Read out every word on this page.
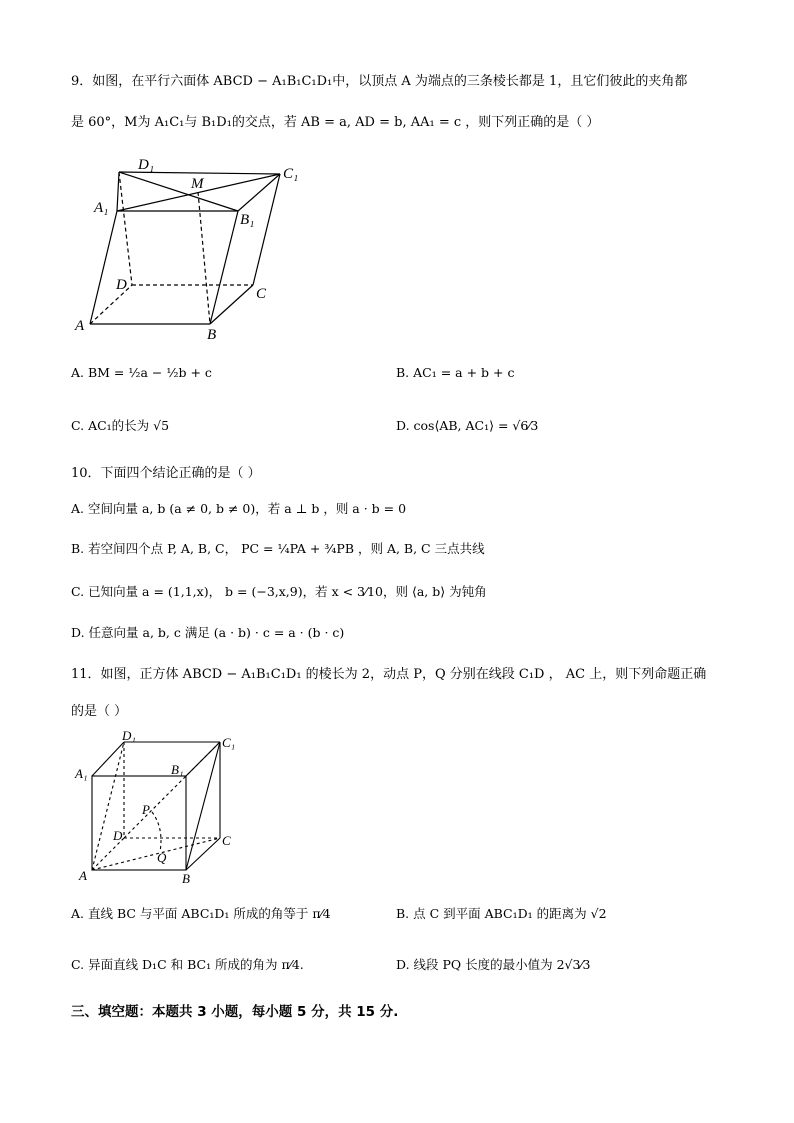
9．如图，在平行六面体 ABCD − A₁B₁C₁D₁中，以顶点 A 为端点的三条棱长都是 1，且它们彼此的夹角都
是 60°，M为 A₁C₁与 B₁D₁的交点，若 AB = a, AD = b, AA₁ = c ，则下列正确的是（ ）
D₁
M
C₁
A₁
B₁
D
C
A
B
A. BM = ½a − ½b + c	B. AC₁ = a + b + c
C. AC₁的长为 √5	D. cos⟨AB, AC₁⟩ = √6⁄3
10．下面四个结论正确的是（ ）
A. 空间向量 a, b (a ≠ 0, b ≠ 0)，若 a ⊥ b ，则 a · b = 0
B. 若空间四个点 P, A, B, C， PC = ¼PA + ¾PB ，则 A, B, C 三点共线
C. 已知向量 a = (1,1,x)， b = (−3,x,9)，若 x < 3⁄10，则 ⟨a, b⟩ 为钝角
D. 任意向量 a, b, c 满足 (a · b) · c = a · (b · c)
11．如图，正方体 ABCD − A₁B₁C₁D₁ 的棱长为 2，动点 P，Q 分别在线段 C₁D ， AC 上，则下列命题正确
的是（ ）
D₁	C₁
A₁	B₁
P
D	C
Q
A	B
A. 直线 BC 与平面 ABC₁D₁ 所成的角等于 π⁄4	B. 点 C 到平面 ABC₁D₁ 的距离为 √2
C. 异面直线 D₁C 和 BC₁ 所成的角为 π⁄4.	D. 线段 PQ 长度的最小值为 2√3⁄3
三、填空题：本题共 3 小题，每小题 5 分，共 15 分.
